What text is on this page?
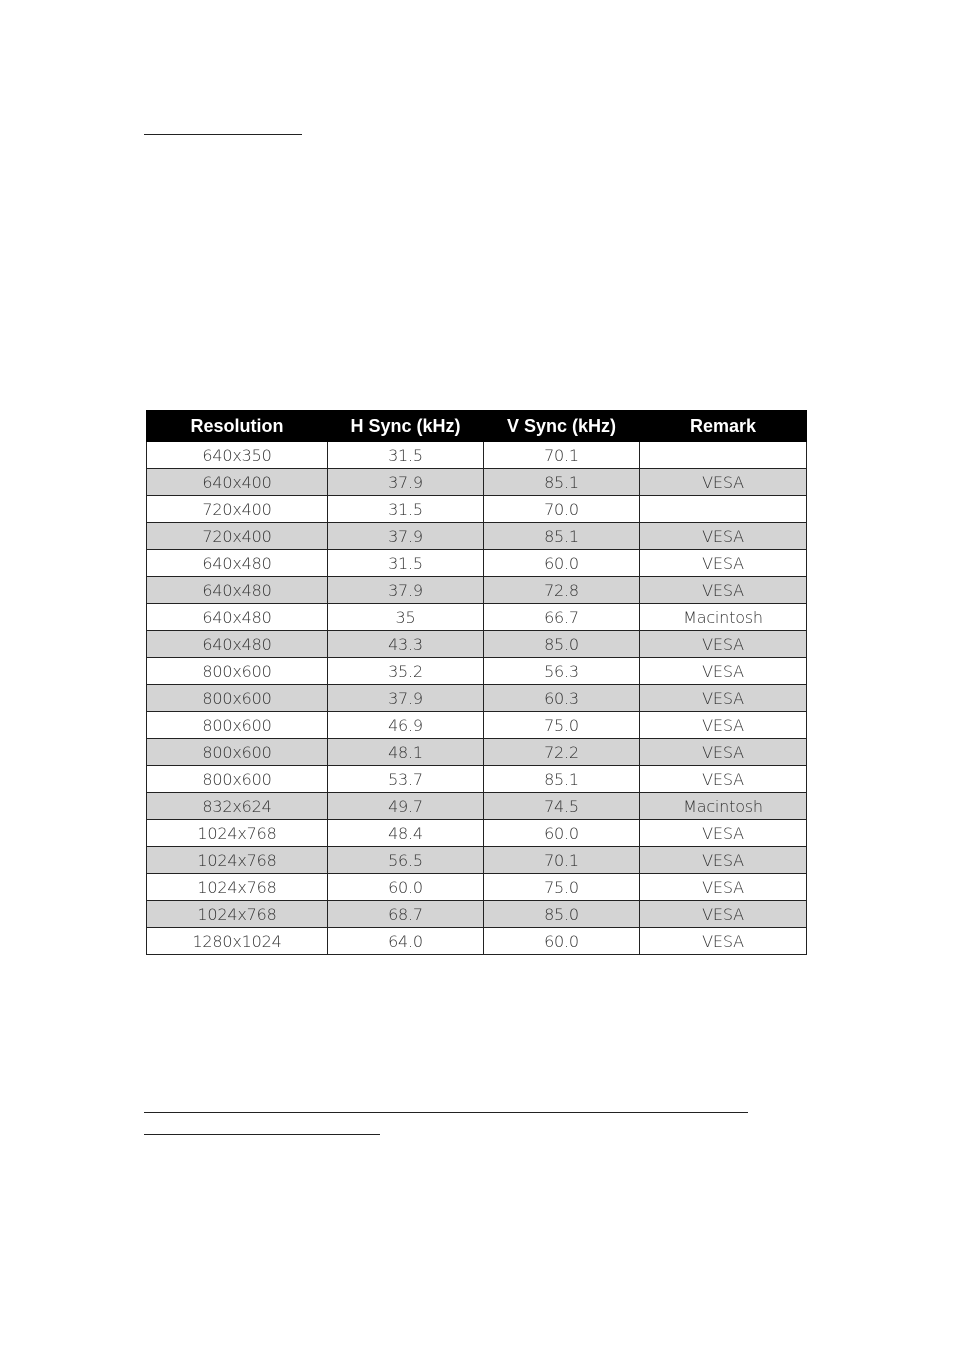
Resolution	H Sync (kHz)	V Sync (kHz)	Remark
640x350	31.5	70.1	
640x400	37.9	85.1	VESA
720x400	31.5	70.0	
720x400	37.9	85.1	VESA
640x480	31.5	60.0	VESA
640x480	37.9	72.8	VESA
640x480	35	66.7	Macintosh
640x480	43.3	85.0	VESA
800x600	35.2	56.3	VESA
800x600	37.9	60.3	VESA
800x600	46.9	75.0	VESA
800x600	48.1	72.2	VESA
800x600	53.7	85.1	VESA
832x624	49.7	74.5	Macintosh
1024x768	48.4	60.0	VESA
1024x768	56.5	70.1	VESA
1024x768	60.0	75.0	VESA
1024x768	68.7	85.0	VESA
1280x1024	64.0	60.0	VESA
